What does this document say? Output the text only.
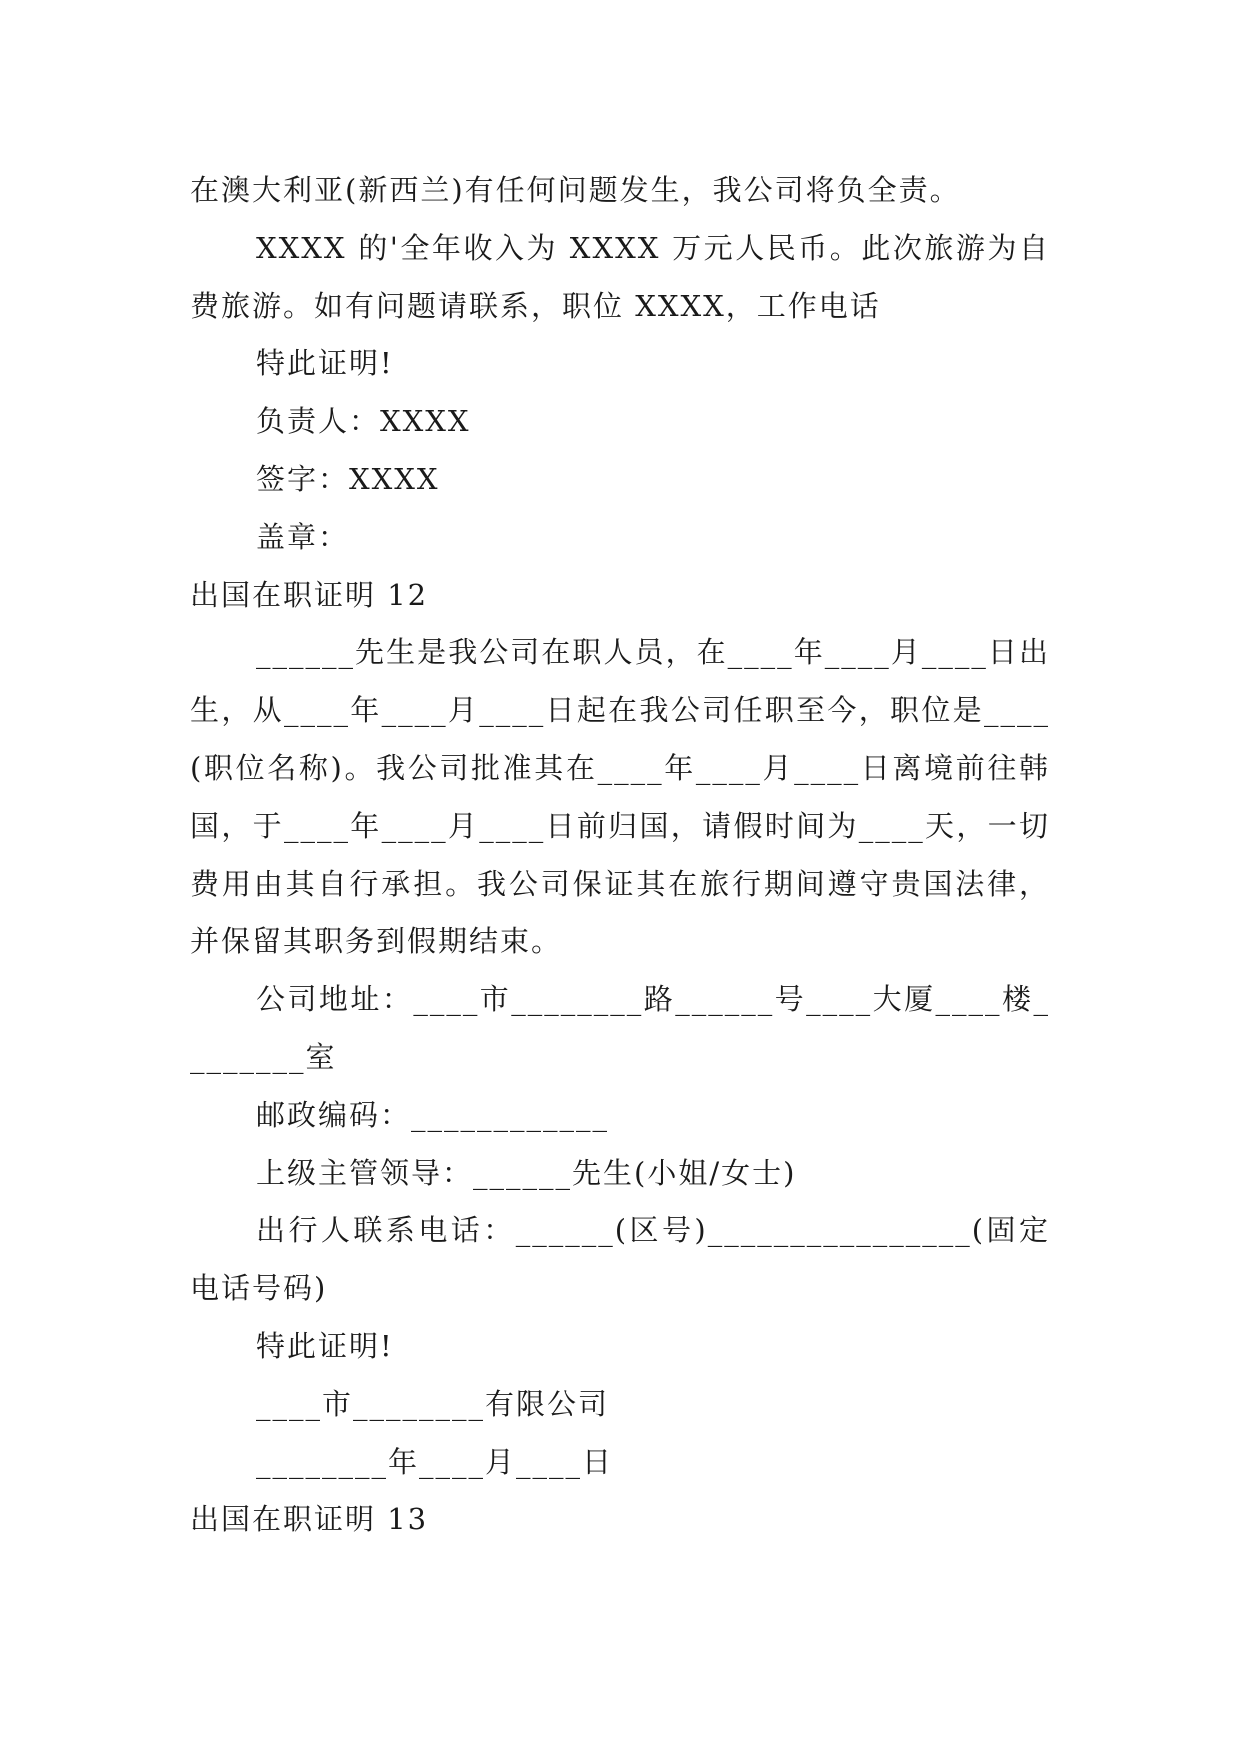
在澳大利亚(新西兰)有任何问题发生，我公司将负全责。

XXXX 的'全年收入为 XXXX 万元人民币。此次旅游为自费旅游。如有问题请联系，职位 XXXX，工作电话

特此证明!

负责人：XXXX

签字：XXXX

盖章：

出国在职证明 12

______先生是我公司在职人员，在____年____月____日出生，从____年____月____日起在我公司任职至今，职位是____(职位名称)。我公司批准其在____年____月____日离境前往韩国，于____年____月____日前归国，请假时间为____天，一切费用由其自行承担。我公司保证其在旅行期间遵守贵国法律，并保留其职务到假期结束。

公司地址：____市________路______号____大厦____楼________室

邮政编码：____________

上级主管领导：______先生(小姐/女士)

出行人联系电话：______(区号)________________(固定电话号码)

特此证明!

____市________有限公司

________年____月____日

出国在职证明 13
